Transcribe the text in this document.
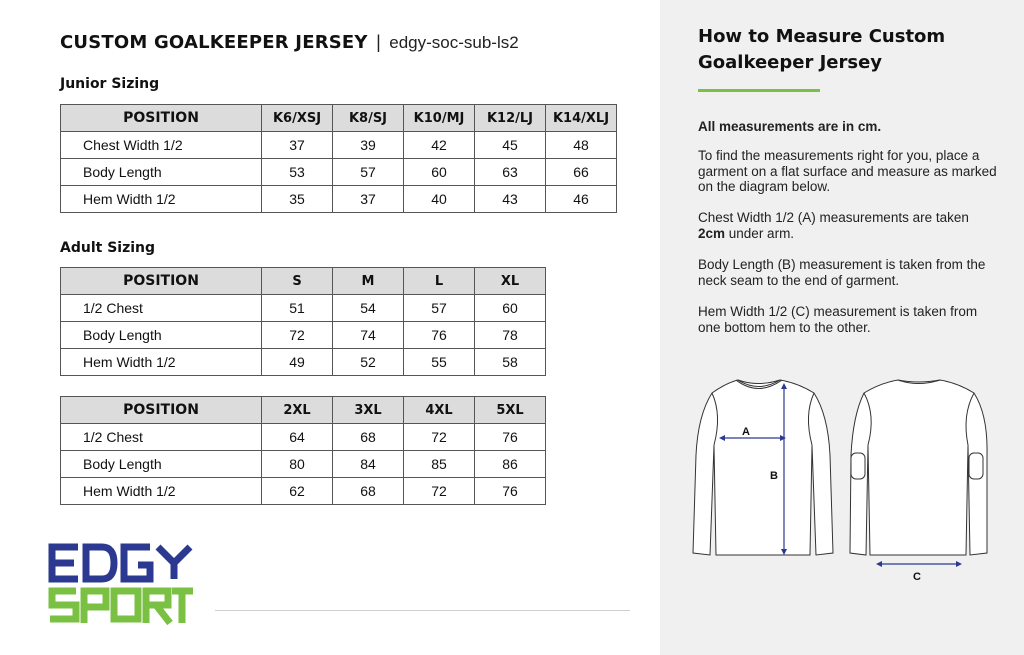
CUSTOM GOALKEEPER JERSEY | edgy-soc-sub-ls2
Junior Sizing
POSITION	K6/XSJ	K8/SJ	K10/MJ	K12/LJ	K14/XLJ
Chest Width 1/2	37	39	42	45	48
Body Length	53	57	60	63	66
Hem Width 1/2	35	37	40	43	46
Adult Sizing
POSITION	S	M	L	XL
1/2 Chest	51	54	57	60
Body Length	72	74	76	78
Hem Width 1/2	49	52	55	58
POSITION	2XL	3XL	4XL	5XL
1/2 Chest	64	68	72	76
Body Length	80	84	85	86
Hem Width 1/2	62	68	72	76
How to Measure Custom Goalkeeper Jersey
All measurements are in cm.
To find the measurements right for you, place a garment on a flat surface and measure as marked on the diagram below.
Chest Width 1/2 (A) measurements are taken 2cm under arm.
Body Length (B) measurement is taken from the neck seam to the end of garment.
Hem Width 1/2 (C) measurement is taken from one bottom hem to the other.
A
B
C
